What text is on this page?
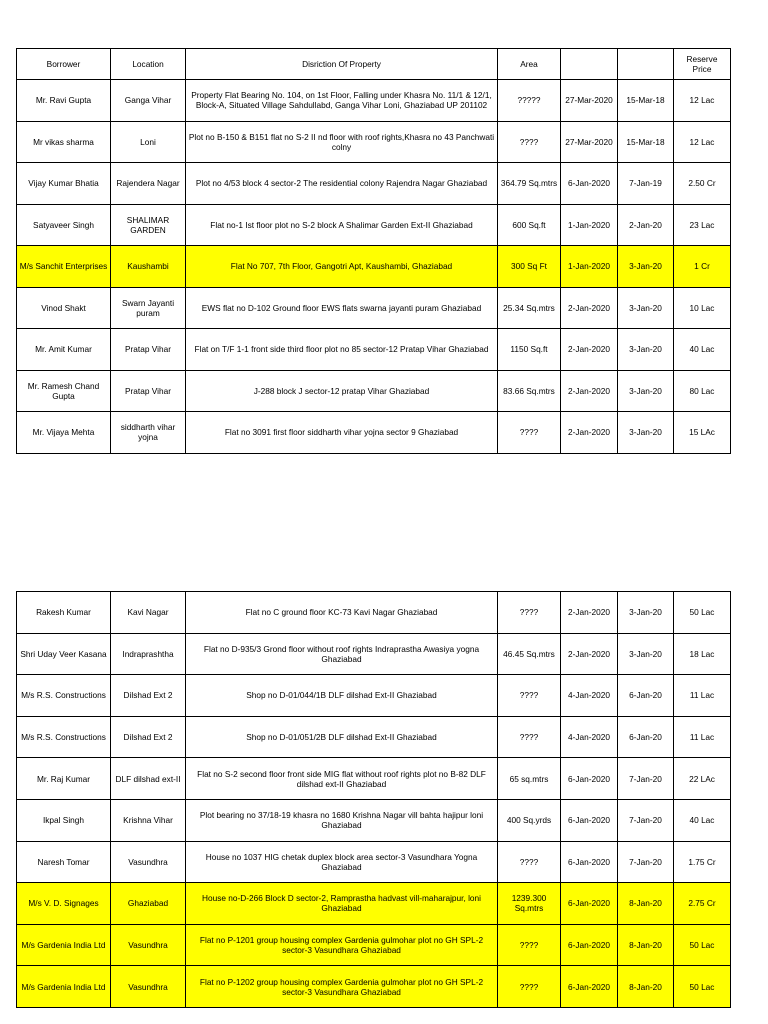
Borrower	Location	Disriction Of Property	Area			Reserve Price
Mr. Ravi Gupta	Ganga Vihar	Property Flat Bearing No. 104, on 1st Floor, Falling under Khasra No. 11/1 & 12/1, Block-A, Situated Village Sahdullabd, Ganga Vihar Loni, Ghaziabad UP 201102	?????	27-Mar-2020	15-Mar-18	12 Lac
Mr vikas sharma	Loni	Plot no B-150 & B151 flat no S-2 II nd floor with roof rights,Khasra no 43 Panchwati colny	????	27-Mar-2020	15-Mar-18	12 Lac
Vijay Kumar Bhatia	Rajendera Nagar	Plot no 4/53 block 4 sector-2 The residential colony Rajendra Nagar Ghaziabad	364.79 Sq.mtrs	6-Jan-2020	7-Jan-19	2.50 Cr
Satyaveer Singh	SHALIMAR GARDEN	Flat no-1 Ist floor plot no S-2 block A Shalimar Garden Ext-II Ghaziabad	600 Sq.ft	1-Jan-2020	2-Jan-20	23 Lac
M/s Sanchit Enterprises	Kaushambi	Flat No 707, 7th Floor, Gangotri Apt, Kaushambi, Ghaziabad	300 Sq Ft	1-Jan-2020	3-Jan-20	1 Cr
Vinod Shakt	Swarn Jayanti puram	EWS flat no D-102 Ground floor EWS flats swarna jayanti puram Ghaziabad	25.34 Sq.mtrs	2-Jan-2020	3-Jan-20	10 Lac
Mr. Amit Kumar	Pratap Vihar	Flat on T/F 1-1 front side third floor plot no 85 sector-12 Pratap Vihar Ghaziabad	1150 Sq.ft	2-Jan-2020	3-Jan-20	40 Lac
Mr. Ramesh Chand Gupta	Pratap Vihar	J-288 block J sector-12 pratap Vihar Ghaziabad	83.66 Sq.mtrs	2-Jan-2020	3-Jan-20	80 Lac
Mr. Vijaya Mehta	siddharth vihar yojna	Flat no 3091 first floor siddharth vihar yojna sector 9 Ghaziabad	????	2-Jan-2020	3-Jan-20	15 LAc
Rakesh Kumar	Kavi Nagar	Flat no C ground floor KC-73 Kavi Nagar Ghaziabad	????	2-Jan-2020	3-Jan-20	50 Lac
Shri Uday Veer Kasana	Indraprashtha	Flat no D-935/3 Grond floor without roof rights Indraprastha Awasiya yogna Ghaziabad	46.45 Sq.mtrs	2-Jan-2020	3-Jan-20	18 Lac
M/s R.S. Constructions	Dilshad Ext 2	Shop no D-01/044/1B DLF dilshad Ext-II Ghaziabad	????	4-Jan-2020	6-Jan-20	11 Lac
M/s R.S. Constructions	Dilshad Ext 2	Shop no D-01/051/2B DLF dilshad Ext-II Ghaziabad	????	4-Jan-2020	6-Jan-20	11 Lac
Mr. Raj Kumar	DLF dilshad ext-II	Flat no S-2 second floor front side MIG flat without roof rights plot no B-82 DLF dilshad ext-II Ghaziabad	65 sq.mtrs	6-Jan-2020	7-Jan-20	22 LAc
Ikpal Singh	Krishna Vihar	Plot bearing no 37/18-19 khasra no 1680 Krishna Nagar vill bahta hajipur loni Ghaziabad	400 Sq.yrds	6-Jan-2020	7-Jan-20	40 Lac
Naresh Tomar	Vasundhra	House no 1037 HIG chetak duplex block area sector-3 Vasundhara Yogna Ghaziabad	????	6-Jan-2020	7-Jan-20	1.75 Cr
M/s V. D. Signages	Ghaziabad	House no-D-266 Block D sector-2, Ramprastha hadvast vill-maharajpur, loni Ghaziabad	1239.300 Sq.mtrs	6-Jan-2020	8-Jan-20	2.75 Cr
M/s Gardenia India Ltd	Vasundhra	Flat no P-1201 group housing complex Gardenia gulmohar plot no GH SPL-2 sector-3 Vasundhara Ghaziabad	????	6-Jan-2020	8-Jan-20	50 Lac
M/s Gardenia India Ltd	Vasundhra	Flat no P-1202 group housing complex Gardenia gulmohar plot no GH SPL-2 sector-3 Vasundhara Ghaziabad	????	6-Jan-2020	8-Jan-20	50 Lac
